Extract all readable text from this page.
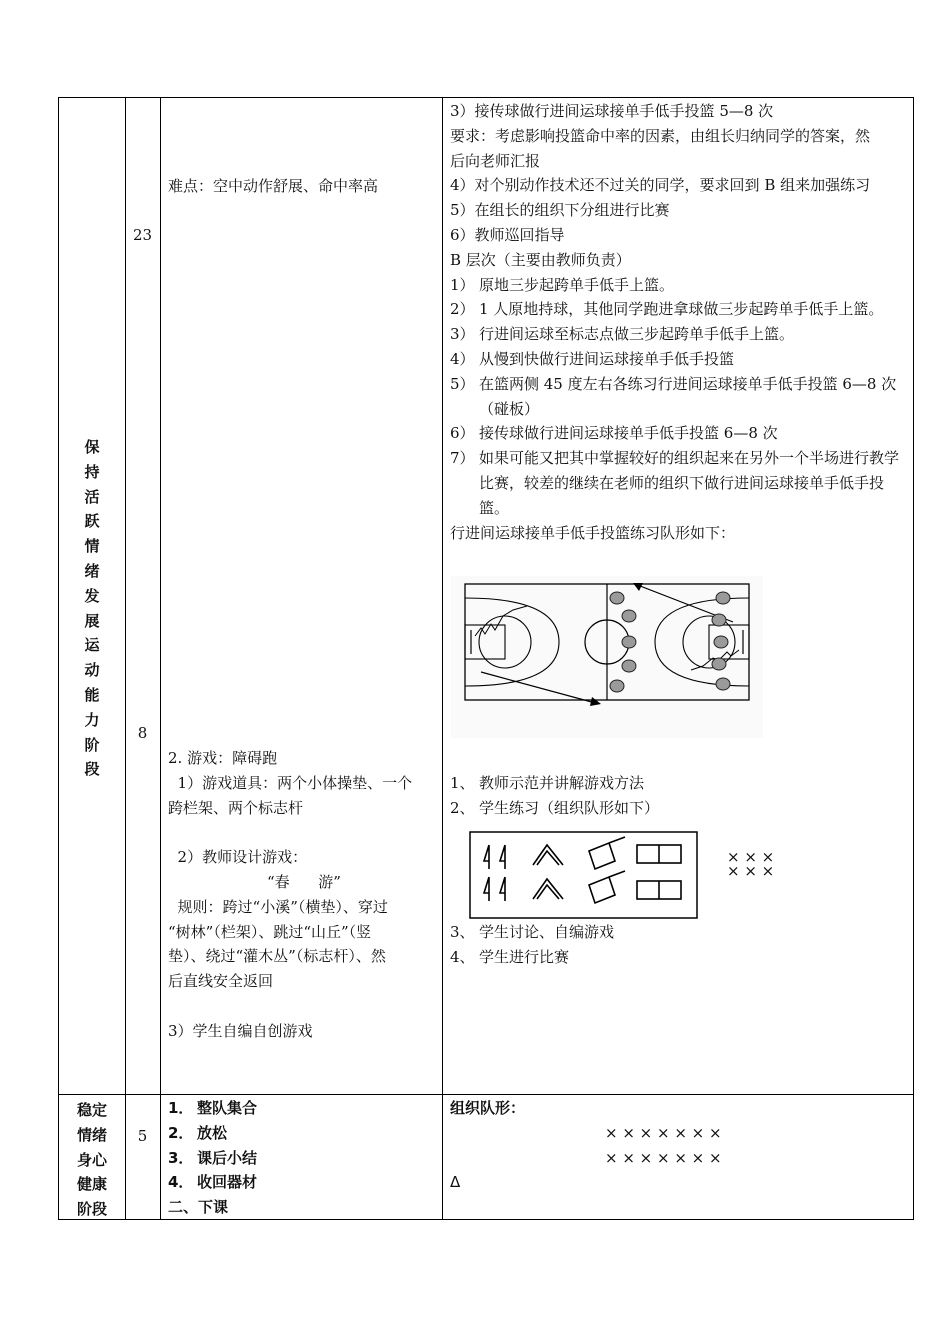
保
持
活
跃
情
绪
发
展
运
动
能
力
阶
段
23
8
难点：空中动作舒展、命中率高
2. 游戏：障碍跑
1）游戏道具：两个小体操垫、一个
跨栏架、两个标志杆
2）教师设计游戏：
“春      游”
规则：跨过“小溪”（横垫）、穿过
“树林”（栏架）、跳过“山丘”（竖
垫）、绕过“灌木丛”（标志杆）、然
后直线安全返回
3）学生自编自创游戏
3）接传球做行进间运球接单手低手投篮 5—8 次
要求：考虑影响投篮命中率的因素，由组长归纳同学的答案，然
后向老师汇报
4）对个别动作技术还不过关的同学，要求回到 B 组来加强练习
5）在组长的组织下分组进行比赛
6）教师巡回指导
B 层次（主要由教师负责）
1） 原地三步起跨单手低手上篮。
2） 1 人原地持球，其他同学跑进拿球做三步起跨单手低手上篮。
3） 行进间运球至标志点做三步起跨单手低手上篮。
4） 从慢到快做行进间运球接单手低手投篮
5） 在篮两侧 45 度左右各练习行进间运球接单手低手投篮 6—8 次（碰板）
6） 接传球做行进间运球接单手低手投篮 6—8 次
7） 如果可能又把其中掌握较好的组织起来在另外一个半场进行教学比赛，较差的继续在老师的组织下做行进间运球接单手低手投篮。
行进间运球接单手低手投篮练习队形如下：
1、 教师示范并讲解游戏方法
2、 学生练习（组织队形如下）
× × ×
× × ×
3、 学生讨论、自编游戏
4、 学生进行比赛
稳定
情绪
身心
健康
阶段
5
1． 整队集合
2． 放松
3． 课后小结
4． 收回器材
二、下课
组织队形：
× × × × × × ×
× × × × × × ×
Δ
